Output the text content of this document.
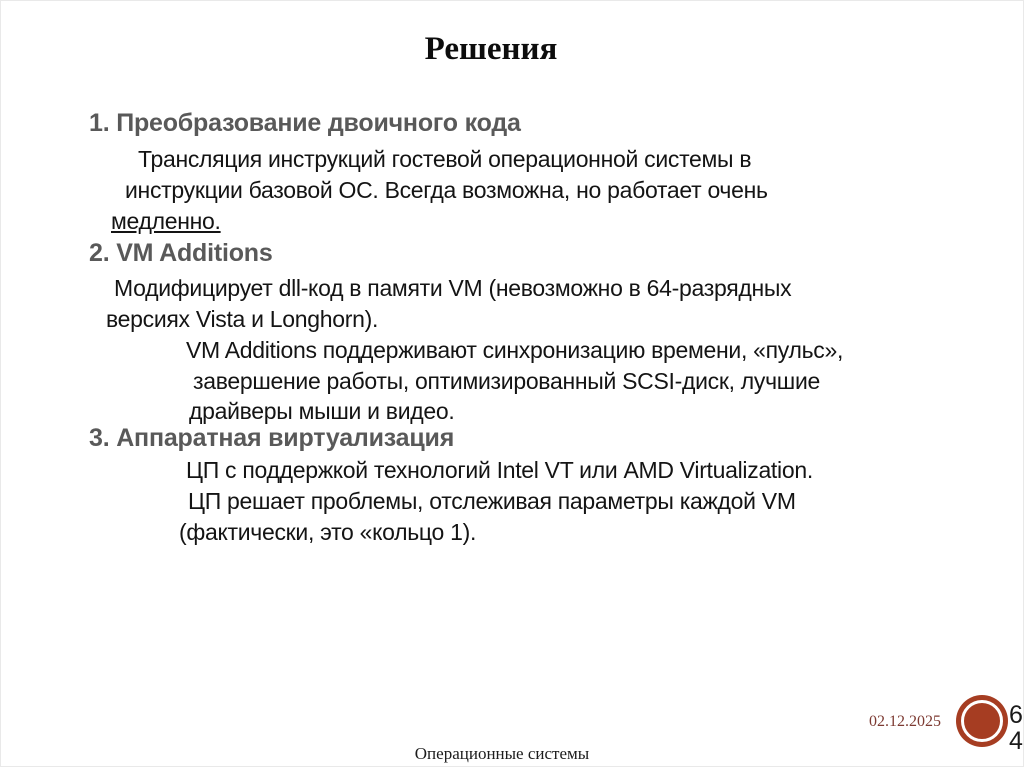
Решения
1. Преобразование двоичного кода
Трансляция инструкций гостевой операционной системы в
инструкции базовой ОС. Всегда возможна, но работает очень
медленно.
2. VM Additions
Модифицирует dll-код в памяти VM (невозможно в 64-разрядных
версиях Vista и Longhorn).
VM Additions поддерживают синхронизацию времени, «пульс»,
завершение работы, оптимизированный SCSI-диск, лучшие
драйверы мыши и видео.
3. Аппаратная виртуализация
ЦП с поддержкой технологий Intel VT или AMD Virtualization.
ЦП решает проблемы, отслеживая параметры каждой VM
(фактически, это «кольцо 1).
02.12.2025
Операционные системы
64
